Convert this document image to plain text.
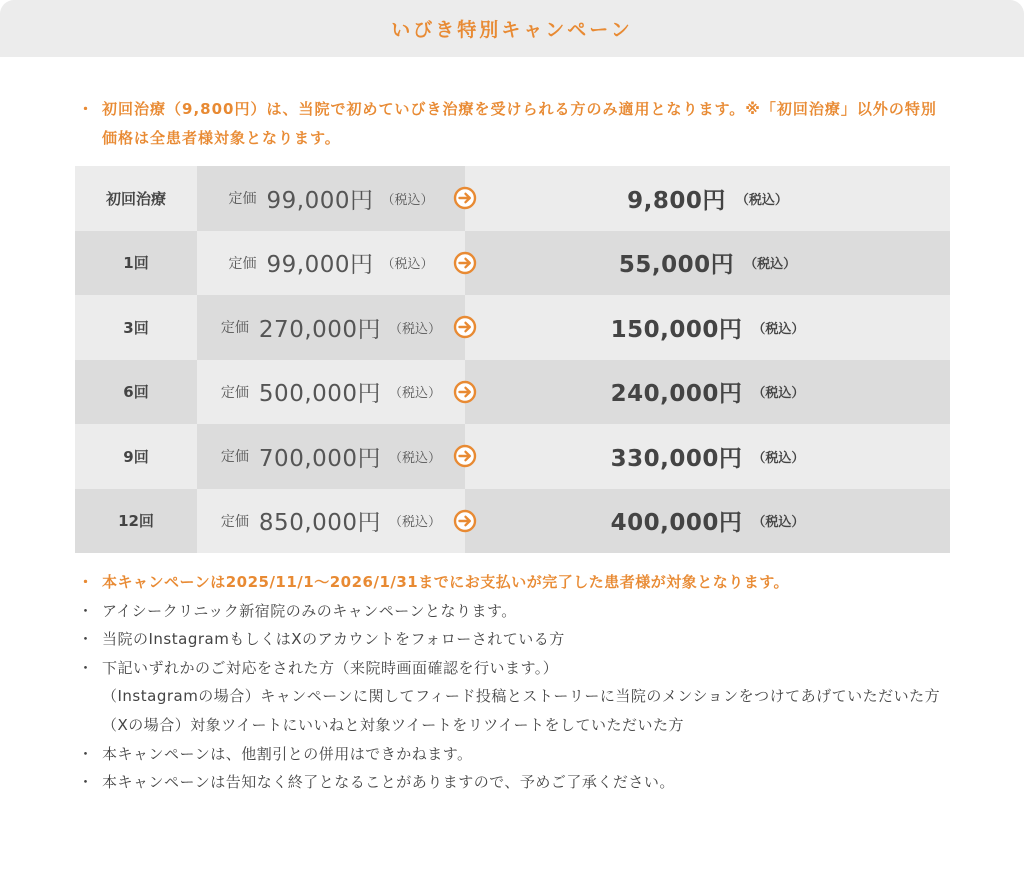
いびき特別キャンペーン
・ 初回治療（9,800円）は、当院で初めていびき治療を受けられる方のみ適用となります。※「初回治療」以外の特別価格は全患者様対象となります。
初回治療	定価 99,000円 （税込）	9,800円 （税込）
1回	定価 99,000円 （税込）	55,000円 （税込）
3回	定価 270,000円 （税込）	150,000円 （税込）
6回	定価 500,000円 （税込）	240,000円 （税込）
9回	定価 700,000円 （税込）	330,000円 （税込）
12回	定価 850,000円 （税込）	400,000円 （税込）
・ 本キャンペーンは2025/11/1〜2026/1/31までにお支払いが完了した患者様が対象となります。
・ アイシークリニック新宿院のみのキャンペーンとなります。
・ 当院のInstagramもしくはXのアカウントをフォローされている方
・ 下記いずれかのご対応をされた方（来院時画面確認を行います。）
（Instagramの場合）キャンペーンに関してフィード投稿とストーリーに当院のメンションをつけてあげていただいた方
（Xの場合）対象ツイートにいいねと対象ツイートをリツイートをしていただいた方
・ 本キャンペーンは、他割引との併用はできかねます。
・ 本キャンペーンは告知なく終了となることがありますので、予めご了承ください。
